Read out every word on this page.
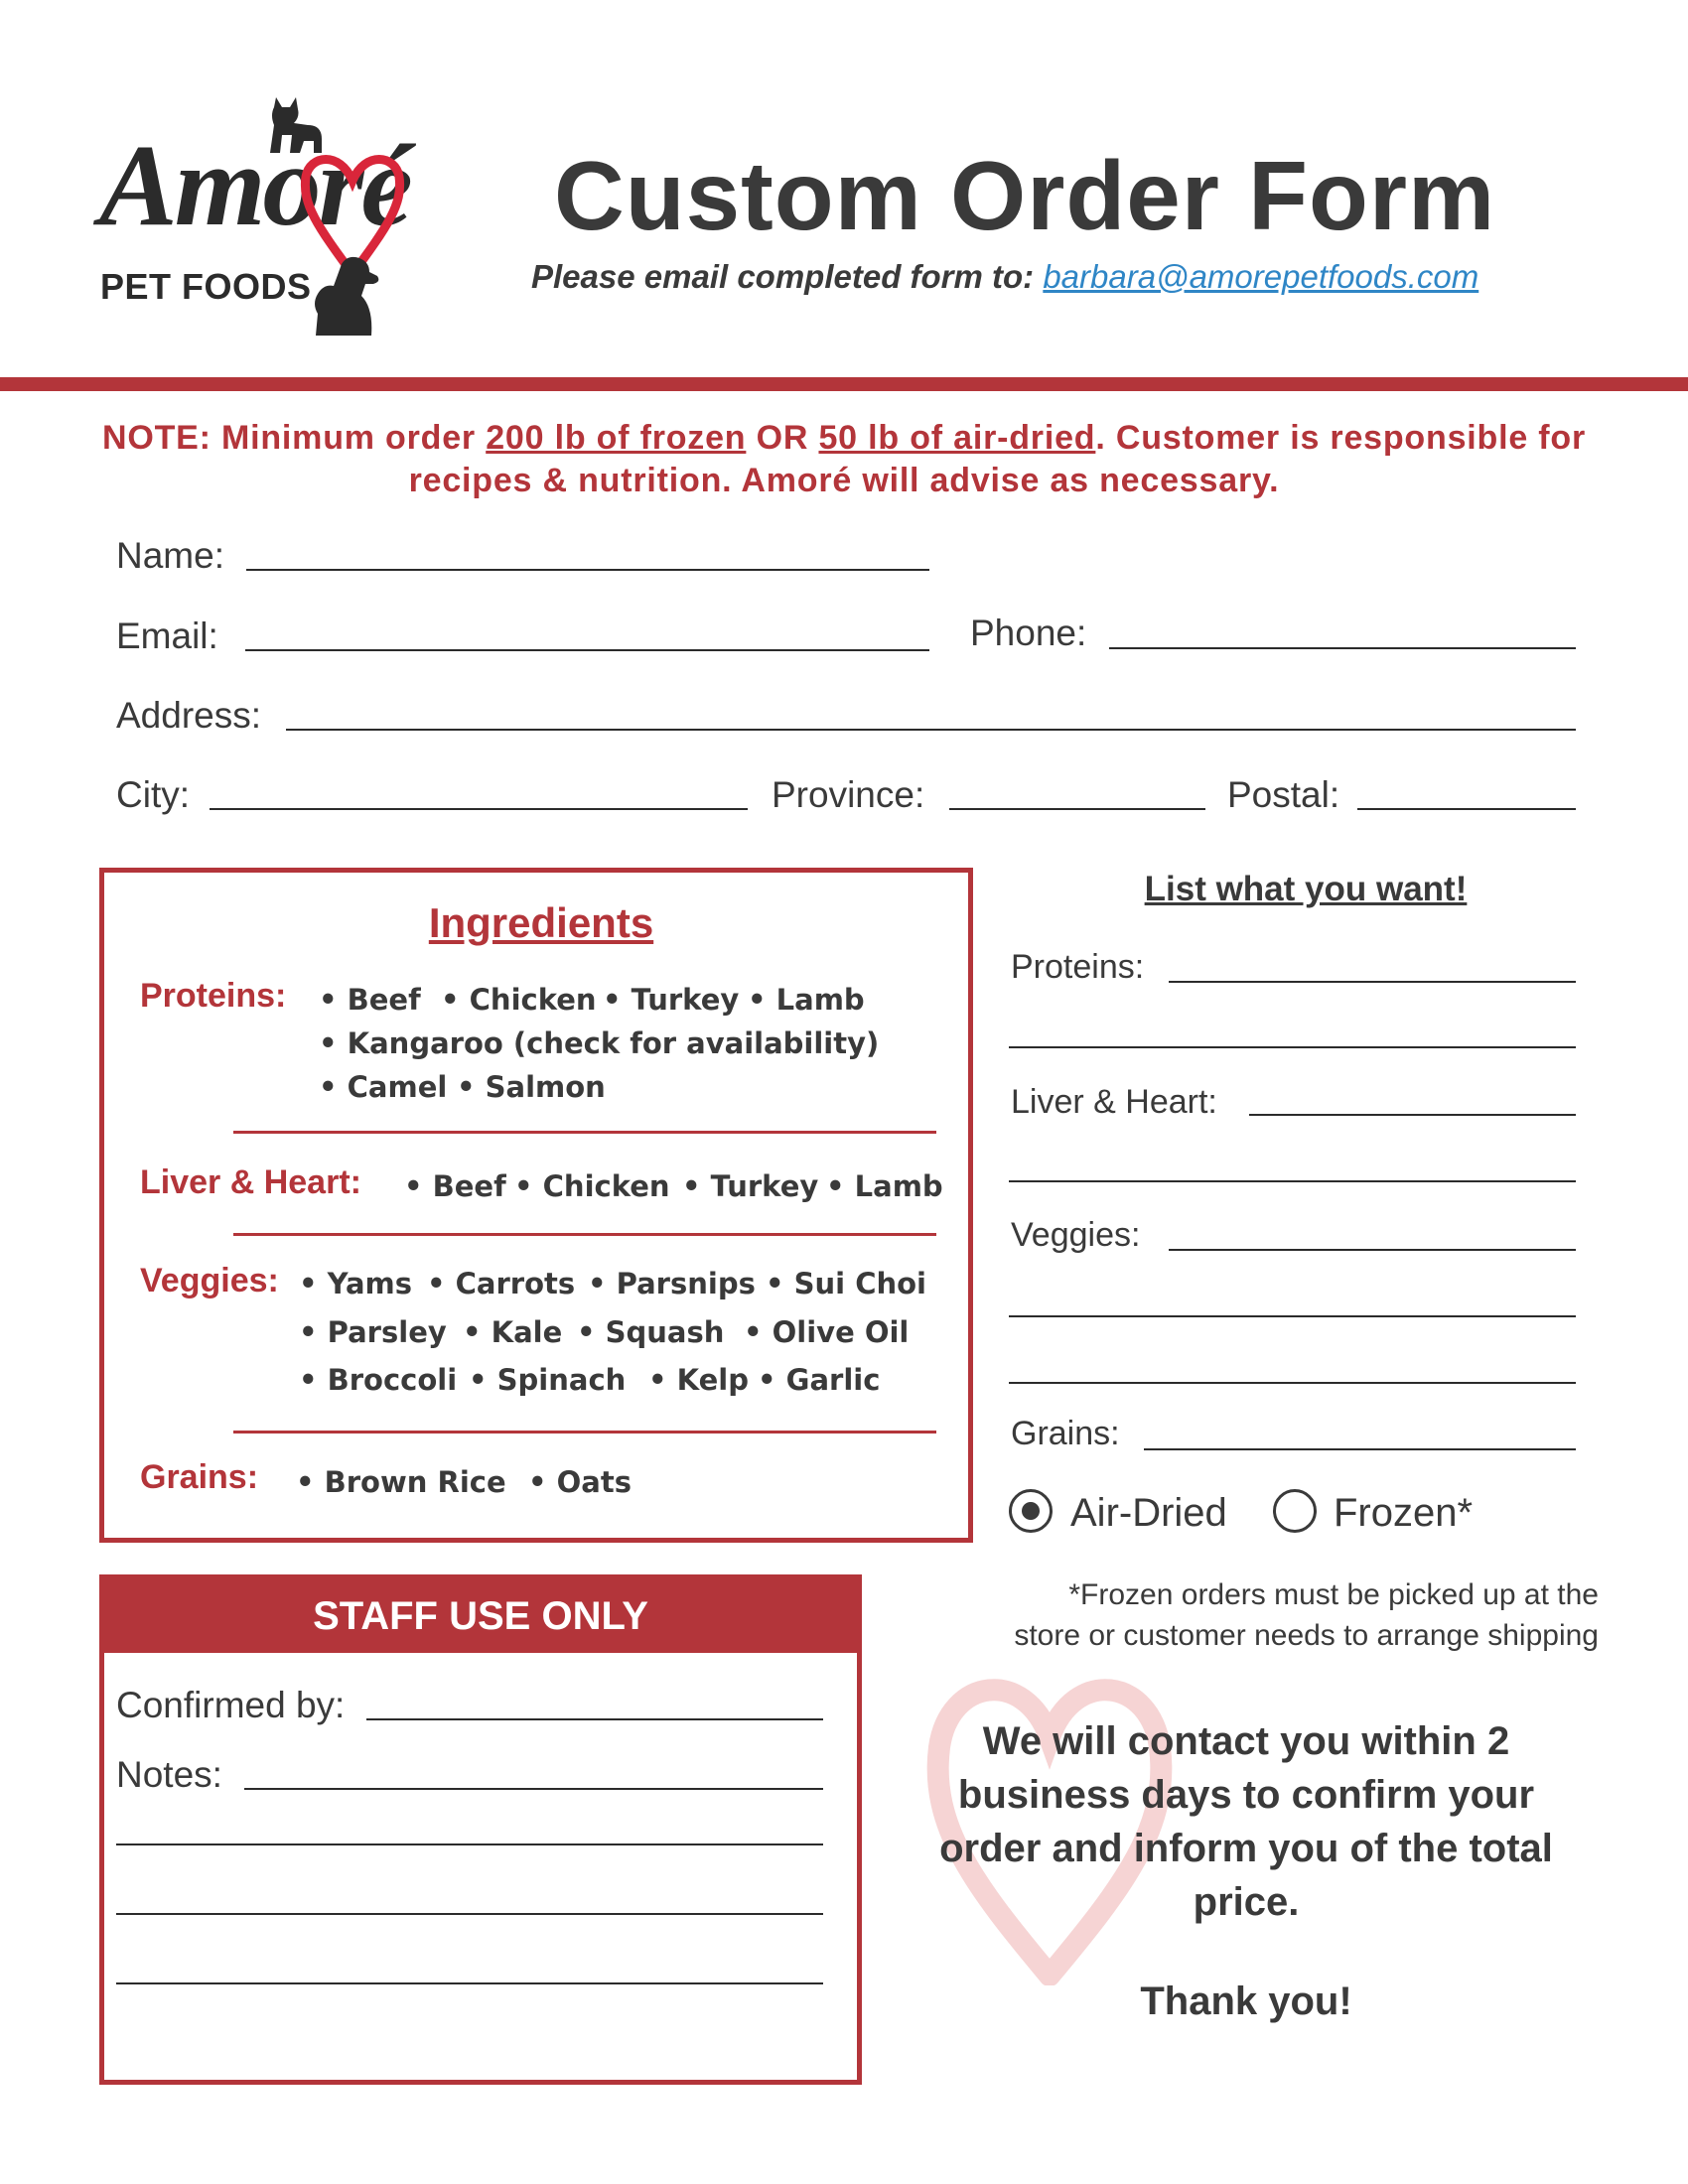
Amoré
PET FOODS
Custom Order Form
Please email completed form to: barbara@amorepetfoods.com
NOTE: Minimum order 200 lb of frozen OR 50 lb of air-dried. Customer is responsible for recipes & nutrition. Amoré will advise as necessary.
Name:
Email:	Phone:
Address:
City:	Province:	Postal:
Ingredients
Proteins:	• Beef	• Chicken	• Turkey	• Lamb
• Kangaroo (check for availability)
• Camel	• Salmon
Liver & Heart:	• Beef	• Chicken	• Turkey	• Lamb
Veggies:	• Yams	• Carrots	• Parsnips	• Sui Choi
• Parsley	• Kale	• Squash	• Olive Oil
• Broccoli	• Spinach	• Kelp	• Garlic
Grains:	• Brown Rice	• Oats
STAFF USE ONLY
Confirmed by:
Notes:
List what you want!
Proteins:
Liver & Heart:
Veggies:
Grains:
Air-Dried	Frozen*
*Frozen orders must be picked up at the
store or customer needs to arrange shipping
We will contact you within 2 business days to confirm your order and inform you of the total price.
Thank you!
